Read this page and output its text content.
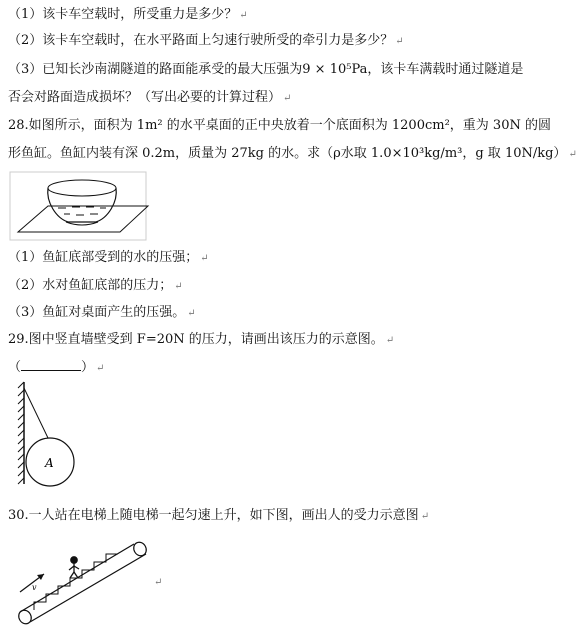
（1）该卡车空载时，所受重力是多少？ ↵
（2）该卡车空载时，在水平路面上匀速行驶所受的牵引力是多少？ ↵
（3）已知长沙南湖隧道的路面能承受的最大压强为9 × 10⁵Pa，该卡车满载时通过隧道是
否会对路面造成损坏？（写出必要的计算过程） ↵
28.如图所示，面积为 1m² 的水平桌面的正中央放着一个底面积为 1200cm²，重为 30N 的圆
形鱼缸。鱼缸内装有深 0.2m，质量为 27kg 的水。求（ρ水取 1.0×10³kg/m³，g 取 10N/kg） ↵
（1）鱼缸底部受到的水的压强； ↵
（2）水对鱼缸底部的压力； ↵
（3）鱼缸对桌面产生的压强。 ↵
29.图中竖直墙壁受到 F=20N 的压力，请画出该压力的示意图。 ↵
（	） ↵
A
30.一人站在电梯上随电梯一起匀速上升，如下图，画出人的受力示意图 ↵
v	↵
